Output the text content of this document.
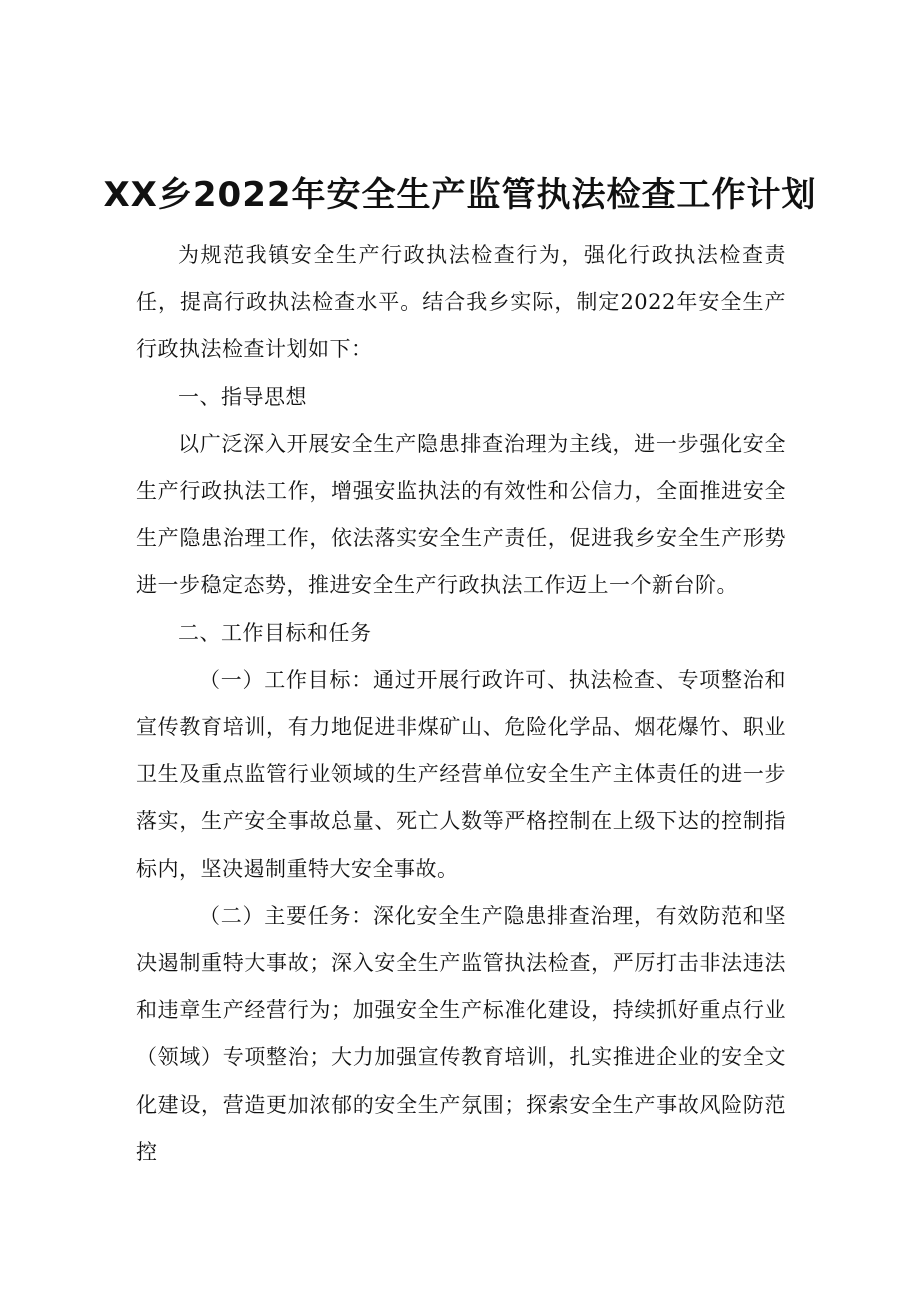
XX乡2022年安全生产监管执法检查工作计划

为规范我镇安全生产行政执法检查行为，强化行政执法检查责任，提高行政执法检查水平。结合我乡实际，制定2022年安全生产行政执法检查计划如下：

一、指导思想

以广泛深入开展安全生产隐患排查治理为主线，进一步强化安全生产行政执法工作，增强安监执法的有效性和公信力，全面推进安全生产隐患治理工作，依法落实安全生产责任，促进我乡安全生产形势进一步稳定态势，推进安全生产行政执法工作迈上一个新台阶。

二、工作目标和任务

（一）工作目标：通过开展行政许可、执法检查、专项整治和宣传教育培训，有力地促进非煤矿山、危险化学品、烟花爆竹、职业卫生及重点监管行业领域的生产经营单位安全生产主体责任的进一步落实，生产安全事故总量、死亡人数等严格控制在上级下达的控制指标内，坚决遏制重特大安全事故。

（二）主要任务：深化安全生产隐患排查治理，有效防范和坚决遏制重特大事故；深入安全生产监管执法检查，严厉打击非法违法和违章生产经营行为；加强安全生产标准化建设，持续抓好重点行业（领域）专项整治；大力加强宣传教育培训，扎实推进企业的安全文化建设，营造更加浓郁的安全生产氛围；探索安全生产事故风险防范控
